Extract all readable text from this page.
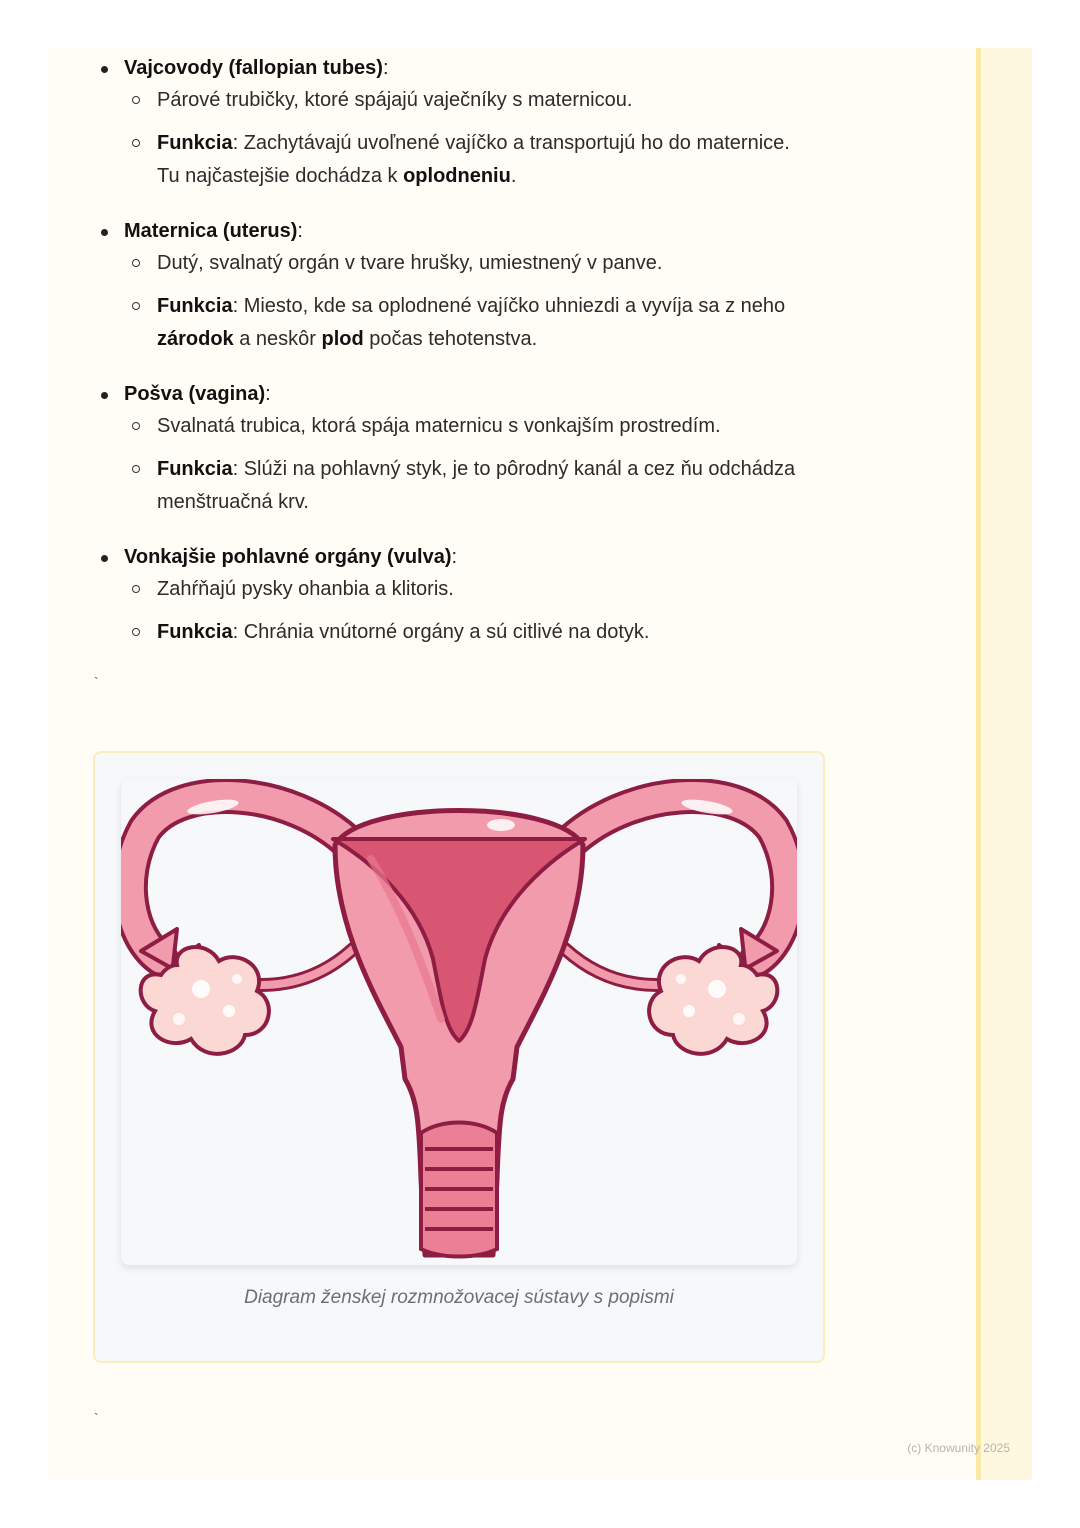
(c) Knowunity 2025
Vajcovody (fallopian tubes):
Párové trubičky, ktoré spájajú vaječníky s maternicou.
Funkcia: Zachytávajú uvoľnené vajíčko a transportujú ho do maternice.
Tu najčastejšie dochádza k oplodneniu.
Maternica (uterus):
Dutý, svalnatý orgán v tvare hrušky, umiestnený v panve.
Funkcia: Miesto, kde sa oplodnené vajíčko uhniezdi a vyvíja sa z neho
zárodok a neskôr plod počas tehotenstva.
Pošva (vagina):
Svalnatá trubica, ktorá spája maternicu s vonkajším prostredím.
Funkcia: Slúži na pohlavný styk, je to pôrodný kanál a cez ňu odchádza
menštruačná krv.
Vonkajšie pohlavné orgány (vulva):
Zahŕňajú pysky ohanbia a klitoris.
Funkcia: Chránia vnútorné orgány a sú citlivé na dotyk.
`
Diagram ženskej rozmnožovacej sústavy s popismi
`
